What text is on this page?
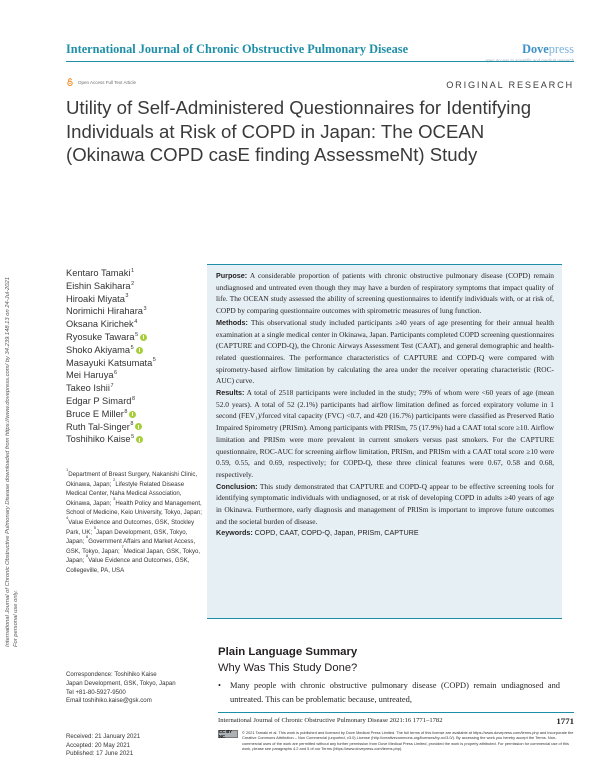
International Journal of Chronic Obstructive Pulmonary Disease	Dovepress
open access to scientific and medical research
Open Access Full Text Article	ORIGINAL RESEARCH
Utility of Self-Administered Questionnaires for Identifying Individuals at Risk of COPD in Japan: The OCEAN (Okinawa COPD casE finding AssessmeNt) Study
International Journal of Chronic Obstructive Pulmonary Disease downloaded from https://www.dovepress.com/ by 34.239.148.13 on 24-Jul-2021 For personal use only.
Kentaro Tamaki$^1$
Eishin Sakihara$^2$
Hiroaki Miyata$^3$
Norimichi Hirahara$^3$
Oksana Kirichek$^4$
Ryosuke Tawara$^5$
Shoko Akiyama$^5$
Masayuki Katsumata$^5$
Mei Haruya$^6$
Takeo Ishii$^7$
Edgar P Simard$^8$
Bruce E Miller$^8$
Ruth Tal-Singer$^8$
Toshihiko Kaise$^5$
$^1$Department of Breast Surgery, Nakanishi Clinic, Okinawa, Japan; $^2$Lifestyle Related Disease Medical Center, Naha Medical Association, Okinawa, Japan; $^3$Health Policy and Management, School of Medicine, Keio University, Tokyo, Japan; $^4$Value Evidence and Outcomes, GSK, Stockley Park, UK; $^5$Japan Development, GSK, Tokyo, Japan; $^6$Government Affairs and Market Access, GSK, Tokyo, Japan; $^7$Medical Japan, GSK, Tokyo, Japan; $^8$Value Evidence and Outcomes, GSK, Collegeville, PA, USA
Correspondence: Toshihiko Kaise
Japan Development, GSK, Tokyo, Japan
Tel +81-80-5927-9500
Email toshihiko.kaise@gsk.com

Purpose: A considerable proportion of patients with chronic obstructive pulmonary disease (COPD) remain undiagnosed and untreated even though they may have a burden of respiratory symptoms that impact quality of life. The OCEAN study assessed the ability of screening questionnaires to identify individuals with, or at risk of, COPD by comparing questionnaire outcomes with spirometric measures of lung function.

Methods: This observational study included participants ≥40 years of age presenting for their annual health examination at a single medical center in Okinawa, Japan. Participants completed COPD screening questionnaires (CAPTURE and COPD-Q), the Chronic Airways Assessment Test (CAAT), and general demographic and health-related questionnaires. The performance characteristics of CAPTURE and COPD-Q were compared with spirometry-based airflow limitation by calculating the area under the receiver operating characteristic (ROC-AUC) curve.

Results: A total of 2518 participants were included in the study; 79% of whom were <60 years of age (mean 52.0 years). A total of 52 (2.1%) participants had airflow limitation defined as forced expiratory volume in 1 second (FEV₁)/forced vital capacity (FVC) <0.7, and 420 (16.7%) participants were classified as Preserved Ratio Impaired Spirometry (PRISm). Among participants with PRISm, 75 (17.9%) had a CAAT total score ≥10. Airflow limitation and PRISm were more prevalent in current smokers versus past smokers. For the CAPTURE questionnaire, ROC-AUC for screening airflow limitation, PRISm, and PRISm with a CAAT total score ≥10 were 0.59, 0.55, and 0.69, respectively; for COPD-Q, these three clinical features were 0.67, 0.58 and 0.68, respectively.

Conclusion: This study demonstrated that CAPTURE and COPD-Q appear to be effective screening tools for identifying symptomatic individuals with undiagnosed, or at risk of developing COPD in adults ≥40 years of age in Okinawa. Furthermore, early diagnosis and management of PRISm is important to improve future outcomes and the societal burden of disease.

Keywords: COPD, CAAT, COPD-Q, Japan, PRISm, CAPTURE

Plain Language Summary
Why Was This Study Done?
•	Many people with chronic obstructive pulmonary disease (COPD) remain undiagnosed and untreated. This can be problematic because, untreated,
Received: 21 January 2021
Accepted: 20 May 2021
Published: 17 June 2021
International Journal of Chronic Obstructive Pulmonary Disease 2021:16 1771–1782	1771
CC BY NC
© 2021 Tamaki et al. This work is published and licensed by Dove Medical Press Limited. The full terms of this license are available at https://www.dovepress.com/terms.php and incorporate the Creative Commons Attribution – Non Commercial (unported, v3.0) License (http://creativecommons.org/licenses/by-nc/3.0/). By accessing the work you hereby accept the Terms. Non-commercial uses of the work are permitted without any further permission from Dove Medical Press Limited, provided the work is properly attributed. For permission for commercial use of this work, please see paragraphs 4.2 and 5 of our Terms (https://www.dovepress.com/terms.php).
